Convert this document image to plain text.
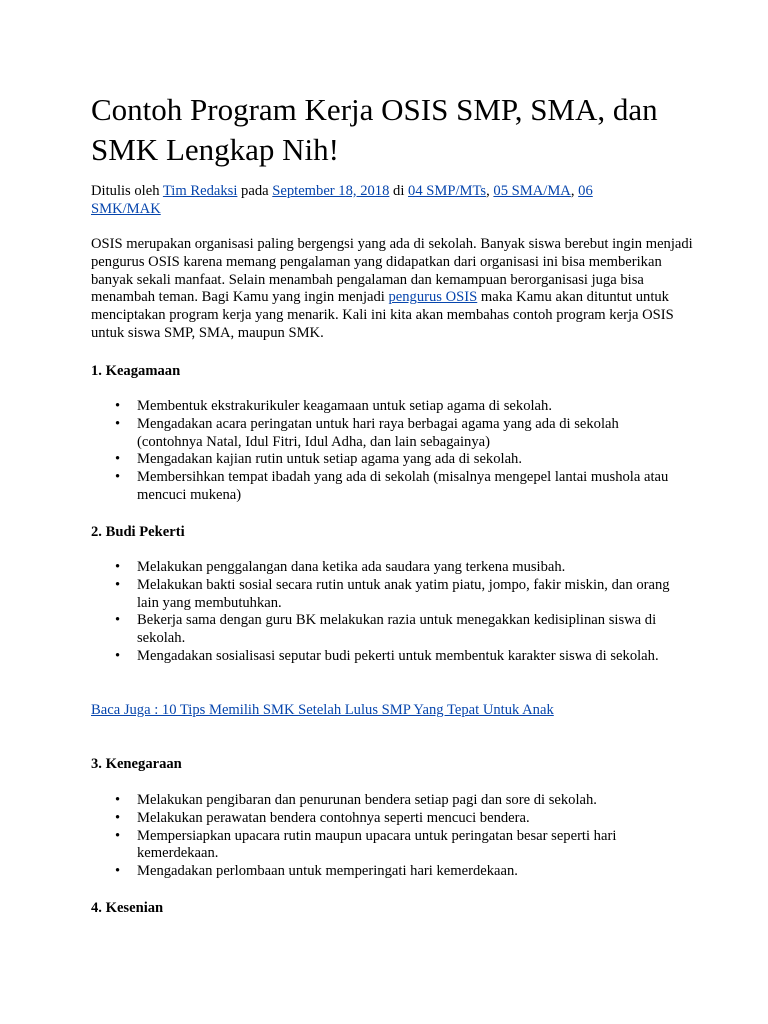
Contoh Program Kerja OSIS SMP, SMA, dan SMK Lengkap Nih!
Ditulis oleh Tim Redaksi pada September 18, 2018 di 04 SMP/MTs, 05 SMA/MA, 06 SMK/MAK

OSIS merupakan organisasi paling bergengsi yang ada di sekolah. Banyak siswa berebut ingin menjadi pengurus OSIS karena memang pengalaman yang didapatkan dari organisasi ini bisa memberikan banyak sekali manfaat. Selain menambah pengalaman dan kemampuan berorganisasi juga bisa menambah teman. Bagi Kamu yang ingin menjadi pengurus OSIS maka Kamu akan dituntut untuk menciptakan program kerja yang menarik. Kali ini kita akan membahas contoh program kerja OSIS untuk siswa SMP, SMA, maupun SMK.

1. Keagamaan

• Membentuk ekstrakurikuler keagamaan untuk setiap agama di sekolah.
• Mengadakan acara peringatan untuk hari raya berbagai agama yang ada di sekolah (contohnya Natal, Idul Fitri, Idul Adha, dan lain sebagainya)
• Mengadakan kajian rutin untuk setiap agama yang ada di sekolah.
• Membersihkan tempat ibadah yang ada di sekolah (misalnya mengepel lantai mushola atau mencuci mukena)

2. Budi Pekerti

• Melakukan penggalangan dana ketika ada saudara yang terkena musibah.
• Melakukan bakti sosial secara rutin untuk anak yatim piatu, jompo, fakir miskin, dan orang lain yang membutuhkan.
• Bekerja sama dengan guru BK melakukan razia untuk menegakkan kedisiplinan siswa di sekolah.
• Mengadakan sosialisasi seputar budi pekerti untuk membentuk karakter siswa di sekolah.
Baca Juga : 10 Tips Memilih SMK Setelah Lulus SMP Yang Tepat Untuk Anak

3. Kenegaraan

• Melakukan pengibaran dan penurunan bendera setiap pagi dan sore di sekolah.
• Melakukan perawatan bendera contohnya seperti mencuci bendera.
• Mempersiapkan upacara rutin maupun upacara untuk peringatan besar seperti hari kemerdekaan.
• Mengadakan perlombaan untuk memperingati hari kemerdekaan.

4. Kesenian
